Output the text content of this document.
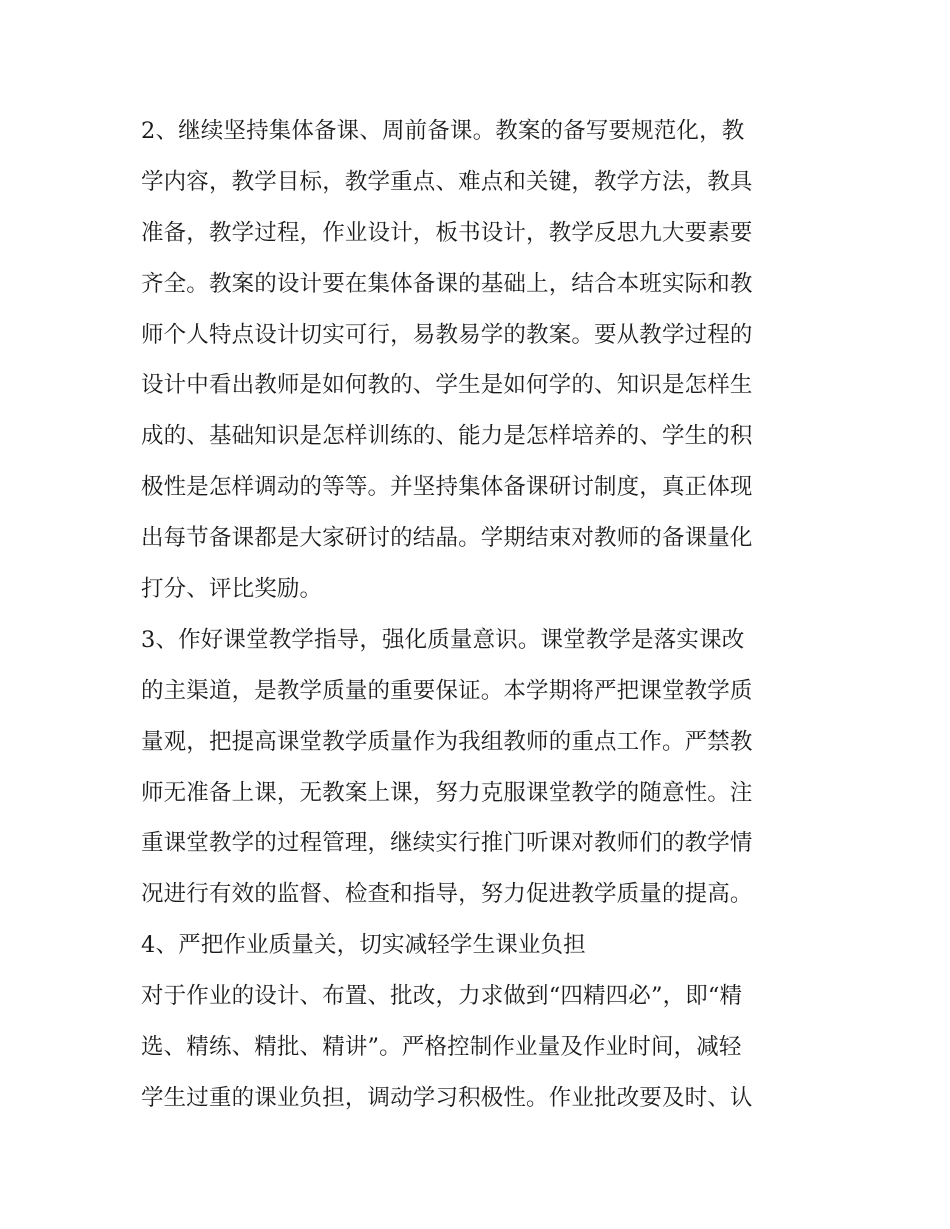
2、继续坚持集体备课、周前备课。教案的备写要规范化，教
学内容，教学目标，教学重点、难点和关键，教学方法，教具
准备，教学过程，作业设计，板书设计，教学反思九大要素要
齐全。教案的设计要在集体备课的基础上，结合本班实际和教
师个人特点设计切实可行，易教易学的教案。要从教学过程的
设计中看出教师是如何教的、学生是如何学的、知识是怎样生
成的、基础知识是怎样训练的、能力是怎样培养的、学生的积
极性是怎样调动的等等。并坚持集体备课研讨制度，真正体现
出每节备课都是大家研讨的结晶。学期结束对教师的备课量化
打分、评比奖励。
3、作好课堂教学指导，强化质量意识。课堂教学是落实课改
的主渠道，是教学质量的重要保证。本学期将严把课堂教学质
量观，把提高课堂教学质量作为我组教师的重点工作。严禁教
师无准备上课，无教案上课，努力克服课堂教学的随意性。注
重课堂教学的过程管理，继续实行推门听课对教师们的教学情
况进行有效的监督、检查和指导，努力促进教学质量的提高。
4、严把作业质量关，切实减轻学生课业负担
对于作业的设计、布置、批改，力求做到“四精四必”，即“精
选、精练、精批、精讲”。严格控制作业量及作业时间，减轻
学生过重的课业负担，调动学习积极性。作业批改要及时、认
